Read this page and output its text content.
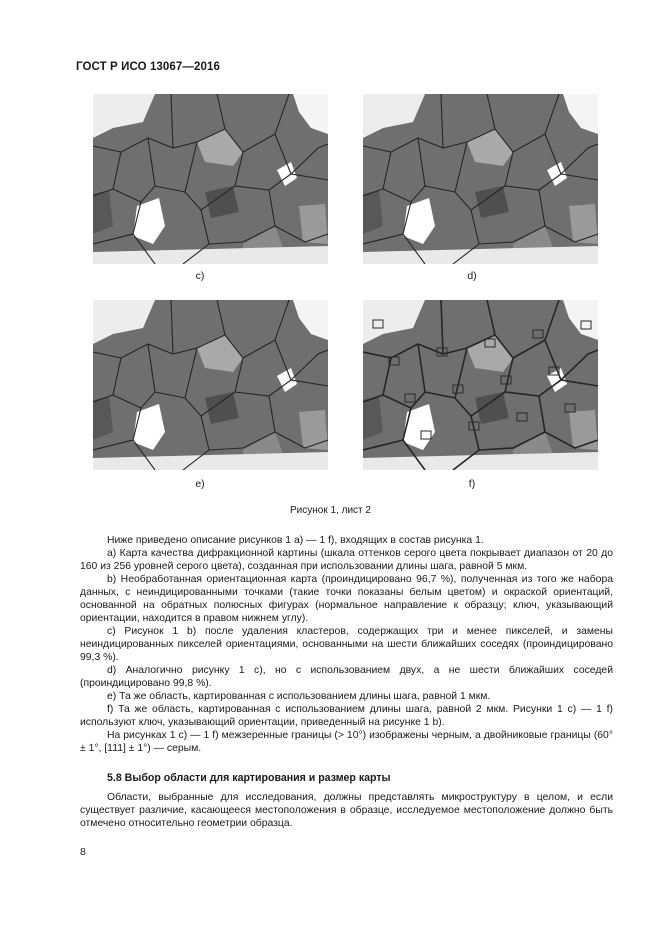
ГОСТ Р ИСО 13067—2016
c)	d)
e)	f)
Рисунок 1, лист 2

Ниже приведено описание рисунков 1 а) — 1 f), входящих в состав рисунка 1.

а) Карта качества дифракционной картины (шкала оттенков серого цвета покрывает диапазон от 20 до 160 из 256 уровней серого цвета), созданная при использовании длины шага, равной 5 мкм.

b) Необработанная ориентационная карта (проиндицировано 96,7 %), полученная из того же набора данных, с неиндицированными точками (такие точки показаны белым цветом) и окраской ориентаций, основанной на обратных полюсных фигурах (нормальное направление к образцу; ключ, указывающий ориентации, находится в правом нижнем углу).

с) Рисунок 1 b) после удаления кластеров, содержащих три и менее пикселей, и замены неиндицированных пикселей ориентациями, основанными на шести ближайших соседях (проиндицировано 99,3 %).

d) Аналогично рисунку 1 c), но с использованием двух, а не шести ближайших соседей (проиндицировано 99,8 %).

e) Та же область, картированная с использованием длины шага, равной 1 мкм.

f) Та же область, картированная с использованием длины шага, равной 2 мкм. Рисунки 1 с) — 1 f) используют ключ, указывающий ориентации, приведенный на рисунке 1 b).

На рисунках 1 с) — 1 f) межзеренные границы (> 10°) изображены черным, а двойниковые границы (60° ± 1°, [111] ± 1°) — серым.

5.8 Выбор области для картирования и размер карты

Области, выбранные для исследования, должны представлять микроструктуру в целом, и если существует различие, касающееся местоположения в образце, исследуемое местоположение должно быть отмечено относительно геометрии образца.

8
